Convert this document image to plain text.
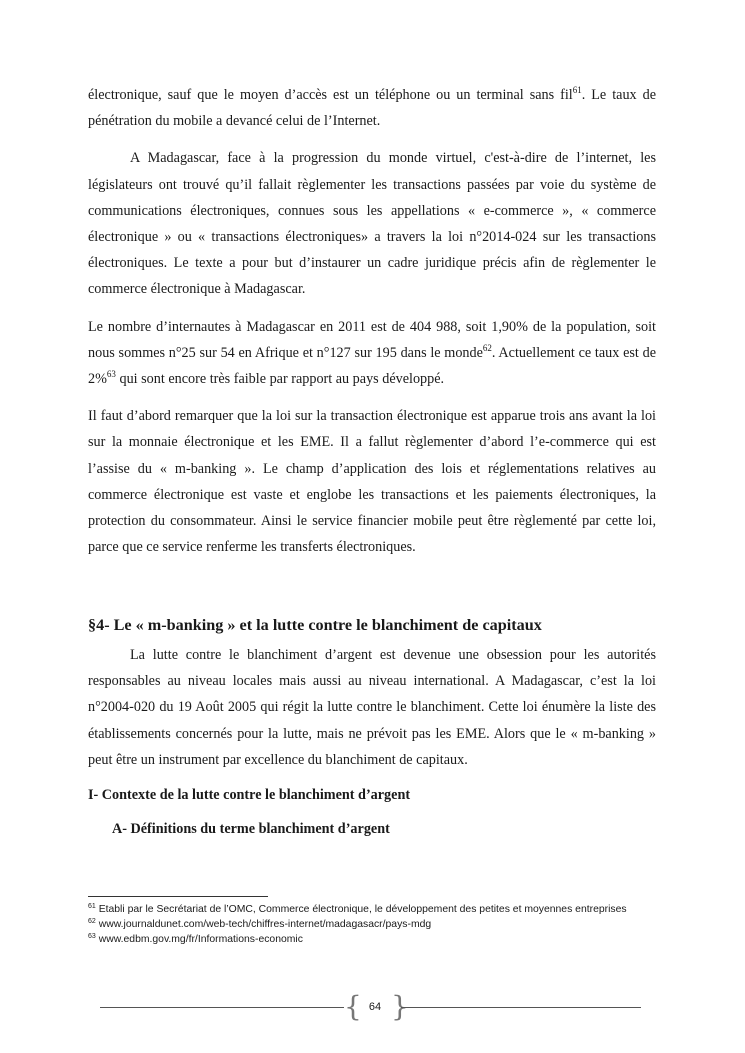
électronique, sauf que le moyen d’accès est un téléphone ou un terminal sans fil$^{61}$. Le taux de pénétration du mobile a devancé celui de l’Internet.

A Madagascar, face à la progression du monde virtuel, c'est-à-dire de l’internet, les législateurs ont trouvé qu’il fallait règlementer les transactions passées par voie du système de communications électroniques, connues sous les appellations « e-commerce », « commerce électronique » ou « transactions électroniques» a travers la loi n°2014-024 sur les transactions électroniques. Le texte a pour but d’instaurer un cadre juridique précis afin de règlementer le commerce électronique à Madagascar.

Le nombre d’internautes à Madagascar en 2011 est de 404 988, soit 1,90% de la population, soit nous sommes n°25 sur 54 en Afrique et n°127 sur 195 dans le monde$^{62}$. Actuellement ce taux est de 2%$^{63}$ qui sont encore très faible par rapport au pays développé.

Il faut d’abord remarquer que la loi sur la transaction électronique est apparue trois ans avant la loi sur la monnaie électronique et les EME. Il a fallut règlementer d’abord l’e-commerce qui est l’assise du « m-banking ». Le champ d’application des lois et réglementations relatives au commerce électronique est vaste et englobe les transactions et les paiements électroniques, la protection du consommateur. Ainsi le service financier mobile peut être règlementé par cette loi, parce que ce service renferme les transferts électroniques.

§4- Le « m-banking » et la lutte contre le blanchiment de capitaux

La lutte contre le blanchiment d’argent est devenue une obsession pour les autorités responsables au niveau locales mais aussi au niveau international. A Madagascar, c’est la loi n°2004-020 du 19 Août 2005 qui régit la lutte contre le blanchiment. Cette loi énumère la liste des établissements concernés pour la lutte, mais ne prévoit pas les EME. Alors que le « m-banking » peut être un instrument par excellence du blanchiment de capitaux.

I- Contexte de la lutte contre le blanchiment d’argent
A- Définitions du terme blanchiment d’argent

$^{61}$ Etabli par le Secrétariat de l’OMC, Commerce électronique, le développement des petites et moyennes entreprises

$^{62}$ www.journaldunet.com/web-tech/chiffres-internet/madagasacr/pays-mdg

$^{63}$ www.edbm.gov.mg/fr/Informations-economic

{ 64 }
